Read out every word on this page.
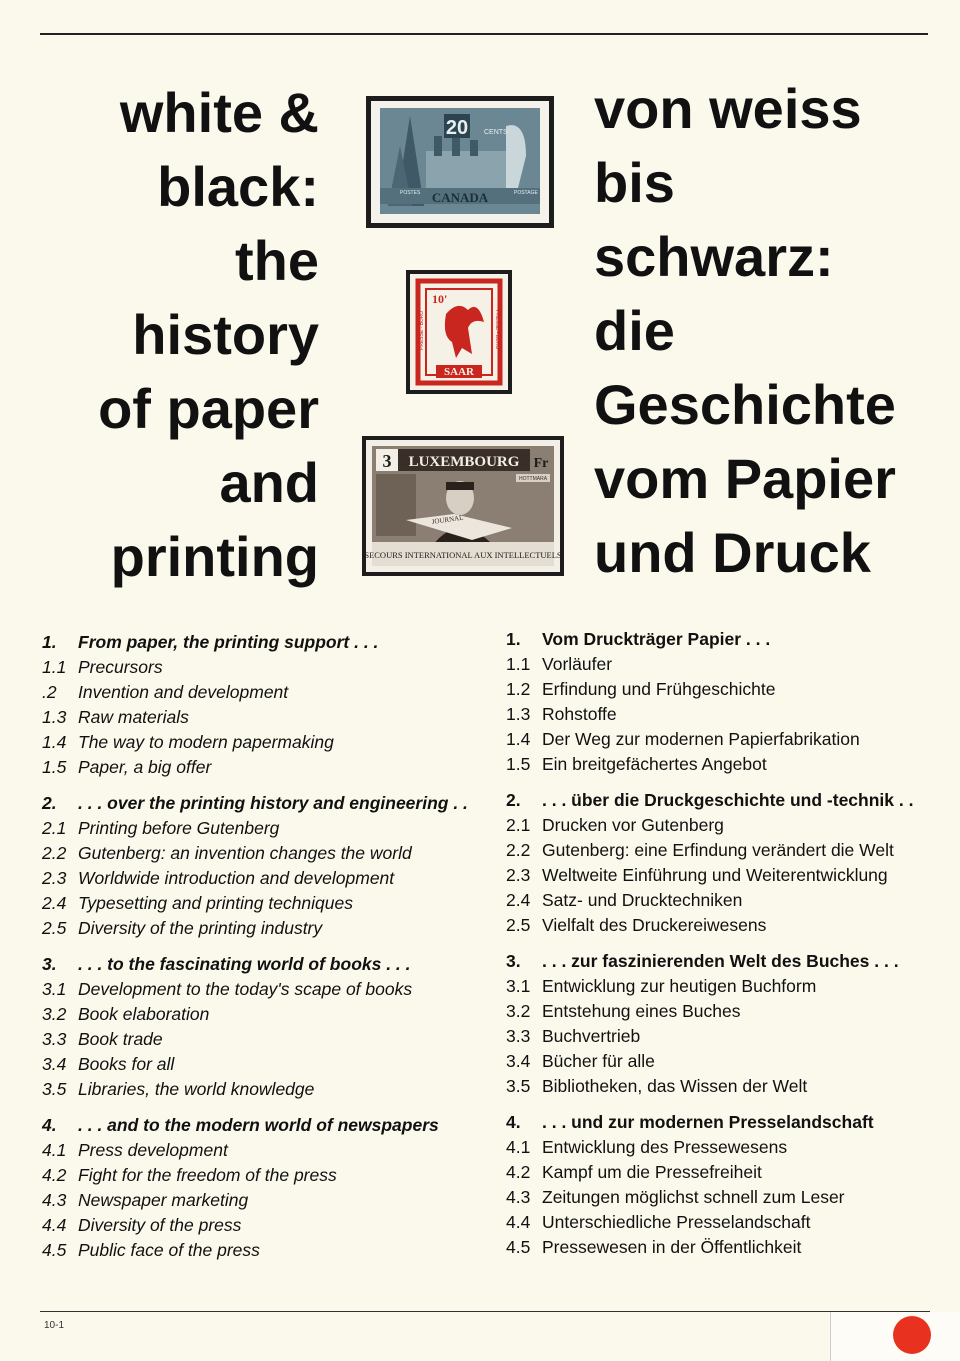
white &
black:
the
history
of paper
and
printing
von weiss
bis
schwarz:
die
Geschichte
vom Papier
und Druck
20 CENTS
POSTES	POSTAGE
CANADA
10'
PRESSE - BURO	PRESSE - BURO
SAAR
3 LUXEMBOURG Fr
HOTTMARA
JOURNAL
SECOURS INTERNATIONAL AUX INTELLECTUELS
1. From paper, the printing support . . .
1.1 Precursors
.2 Invention and development
1.3 Raw materials
1.4 The way to modern papermaking
1.5 Paper, a big offer
2. . . . over the printing history and engineering . .
2.1 Printing before Gutenberg
2.2 Gutenberg: an invention changes the world
2.3 Worldwide introduction and development
2.4 Typesetting and printing techniques
2.5 Diversity of the printing industry
3. . . . to the fascinating world of books . . .
3.1 Development to the today's scape of books
3.2 Book elaboration
3.3 Book trade
3.4 Books for all
3.5 Libraries, the world knowledge
4. . . . and to the modern world of newspapers
4.1 Press development
4.2 Fight for the freedom of the press
4.3 Newspaper marketing
4.4 Diversity of the press
4.5 Public face of the press
1. Vom Druckträger Papier . . .
1.1 Vorläufer
1.2 Erfindung und Frühgeschichte
1.3 Rohstoffe
1.4 Der Weg zur modernen Papierfabrikation
1.5 Ein breitgefächertes Angebot
2. . . . über die Druckgeschichte und -technik . .
2.1 Drucken vor Gutenberg
2.2 Gutenberg: eine Erfindung verändert die Welt
2.3 Weltweite Einführung und Weiterentwicklung
2.4 Satz- und Drucktechniken
2.5 Vielfalt des Druckereiwesens
3. . . . zur faszinierenden Welt des Buches . . .
3.1 Entwicklung zur heutigen Buchform
3.2 Entstehung eines Buches
3.3 Buchvertrieb
3.4 Bücher für alle
3.5 Bibliotheken, das Wissen der Welt
4. . . . und zur modernen Presselandschaft
4.1 Entwicklung des Pressewesens
4.2 Kampf um die Pressefreiheit
4.3 Zeitungen möglichst schnell zum Leser
4.4 Unterschiedliche Presselandschaft
4.5 Pressewesen in der Öffentlichkeit
10-1
